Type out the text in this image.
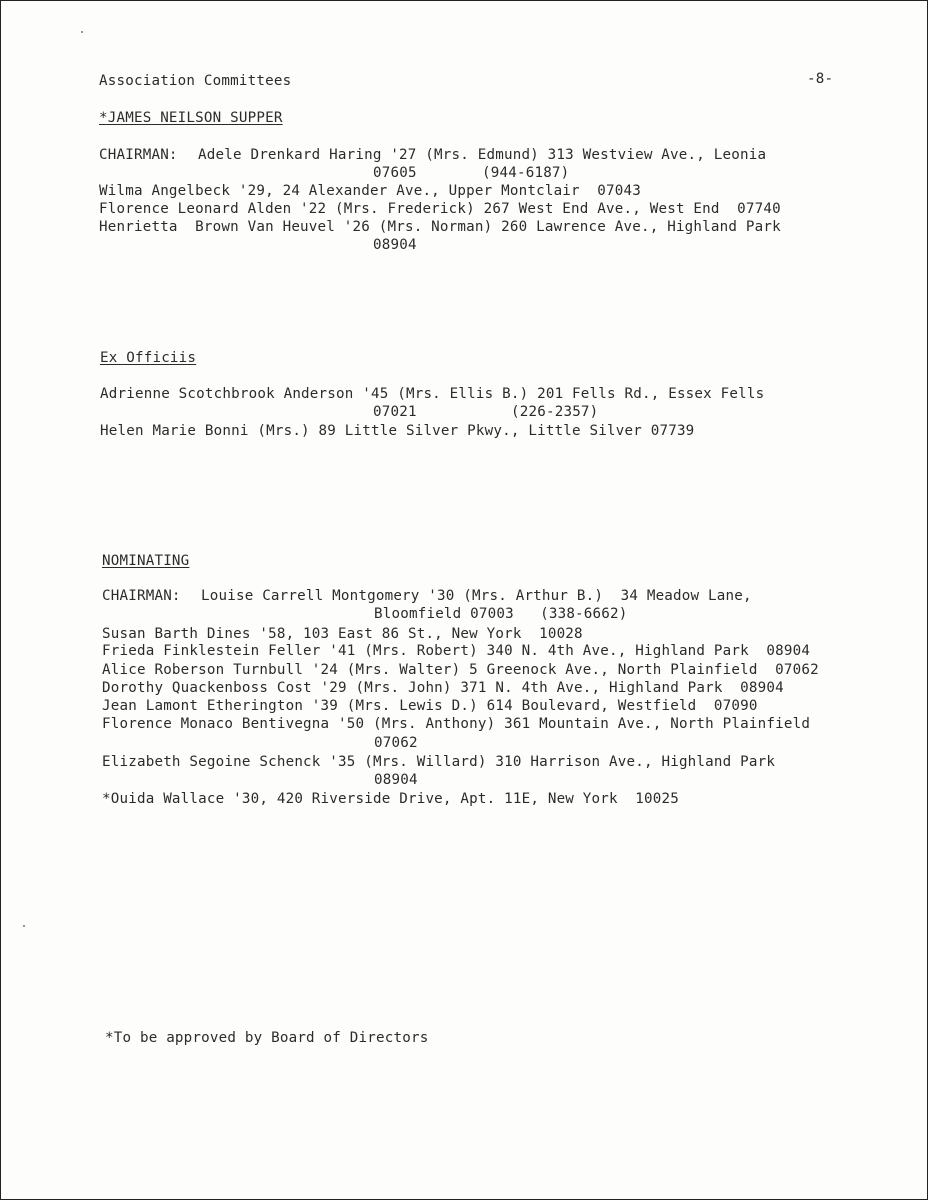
Association Committees	-8-
*JAMES NEILSON SUPPER
CHAIRMAN: Adele Drenkard Haring '27 (Mrs. Edmund) 313 Westview Ave., Leonia
07605	(944-6187)
Wilma Angelbeck '29, 24 Alexander Ave., Upper Montclair  07043
Florence Leonard Alden '22 (Mrs. Frederick) 267 West End Ave., West End  07740
Henrietta  Brown Van Heuvel '26 (Mrs. Norman) 260 Lawrence Ave., Highland Park
08904
Ex Officiis
Adrienne Scotchbrook Anderson '45 (Mrs. Ellis B.) 201 Fells Rd., Essex Fells
07021	(226-2357)
Helen Marie Bonni (Mrs.) 89 Little Silver Pkwy., Little Silver 07739
NOMINATING
CHAIRMAN: Louise Carrell Montgomery '30 (Mrs. Arthur B.)  34 Meadow Lane,
Bloomfield 07003   (338-6662)
Susan Barth Dines '58, 103 East 86 St., New York  10028
Frieda Finklestein Feller '41 (Mrs. Robert) 340 N. 4th Ave., Highland Park  08904
Alice Roberson Turnbull '24 (Mrs. Walter) 5 Greenock Ave., North Plainfield  07062
Dorothy Quackenboss Cost '29 (Mrs. John) 371 N. 4th Ave., Highland Park  08904
Jean Lamont Etherington '39 (Mrs. Lewis D.) 614 Boulevard, Westfield  07090
Florence Monaco Bentivegna '50 (Mrs. Anthony) 361 Mountain Ave., North Plainfield
07062
Elizabeth Segoine Schenck '35 (Mrs. Willard) 310 Harrison Ave., Highland Park
08904
*Ouida Wallace '30, 420 Riverside Drive, Apt. 11E, New York  10025
*To be approved by Board of Directors
